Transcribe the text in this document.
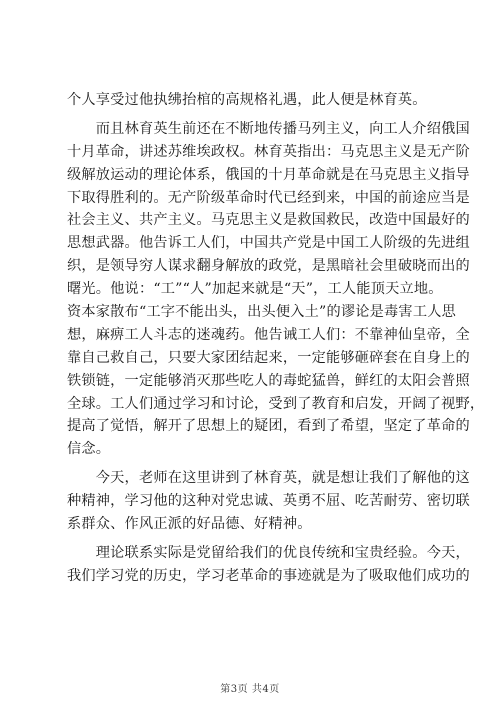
个人享受过他执绋抬棺的高规格礼遇，此人便是林育英。
　　而且林育英生前还在不断地传播马列主义，向工人介绍俄国
十月革命，讲述苏维埃政权。林育英指出：马克思主义是无产阶
级解放运动的理论体系，俄国的十月革命就是在马克思主义指导
下取得胜利的。无产阶级革命时代已经到来，中国的前途应当是
社会主义、共产主义。马克思主义是救国救民，改造中国最好的
思想武器。他告诉工人们，中国共产党是中国工人阶级的先进组
织，是领导穷人谋求翻身解放的政党，是黑暗社会里破晓而出的
曙光。他说：“工”“人”加起来就是“天”，工人能顶天立地。
资本家散布“工字不能出头，出头便入土”的谬论是毒害工人思
想，麻痹工人斗志的迷魂药。他告诫工人们：不靠神仙皇帝，全
靠自己救自己，只要大家团结起来，一定能够砸碎套在自身上的
铁锁链，一定能够消灭那些吃人的毒蛇猛兽，鲜红的太阳会普照
全球。工人们通过学习和讨论，受到了教育和启发，开阔了视野，
提高了觉悟，解开了思想上的疑团，看到了希望，坚定了革命的
信念。
　　今天，老师在这里讲到了林育英，就是想让我们了解他的这
种精神，学习他的这种对党忠诚、英勇不屈、吃苦耐劳、密切联
系群众、作风正派的好品德、好精神。
　　理论联系实际是党留给我们的优良传统和宝贵经验。今天，
我们学习党的历史，学习老革命的事迹就是为了吸取他们成功的
第3页 共4页
